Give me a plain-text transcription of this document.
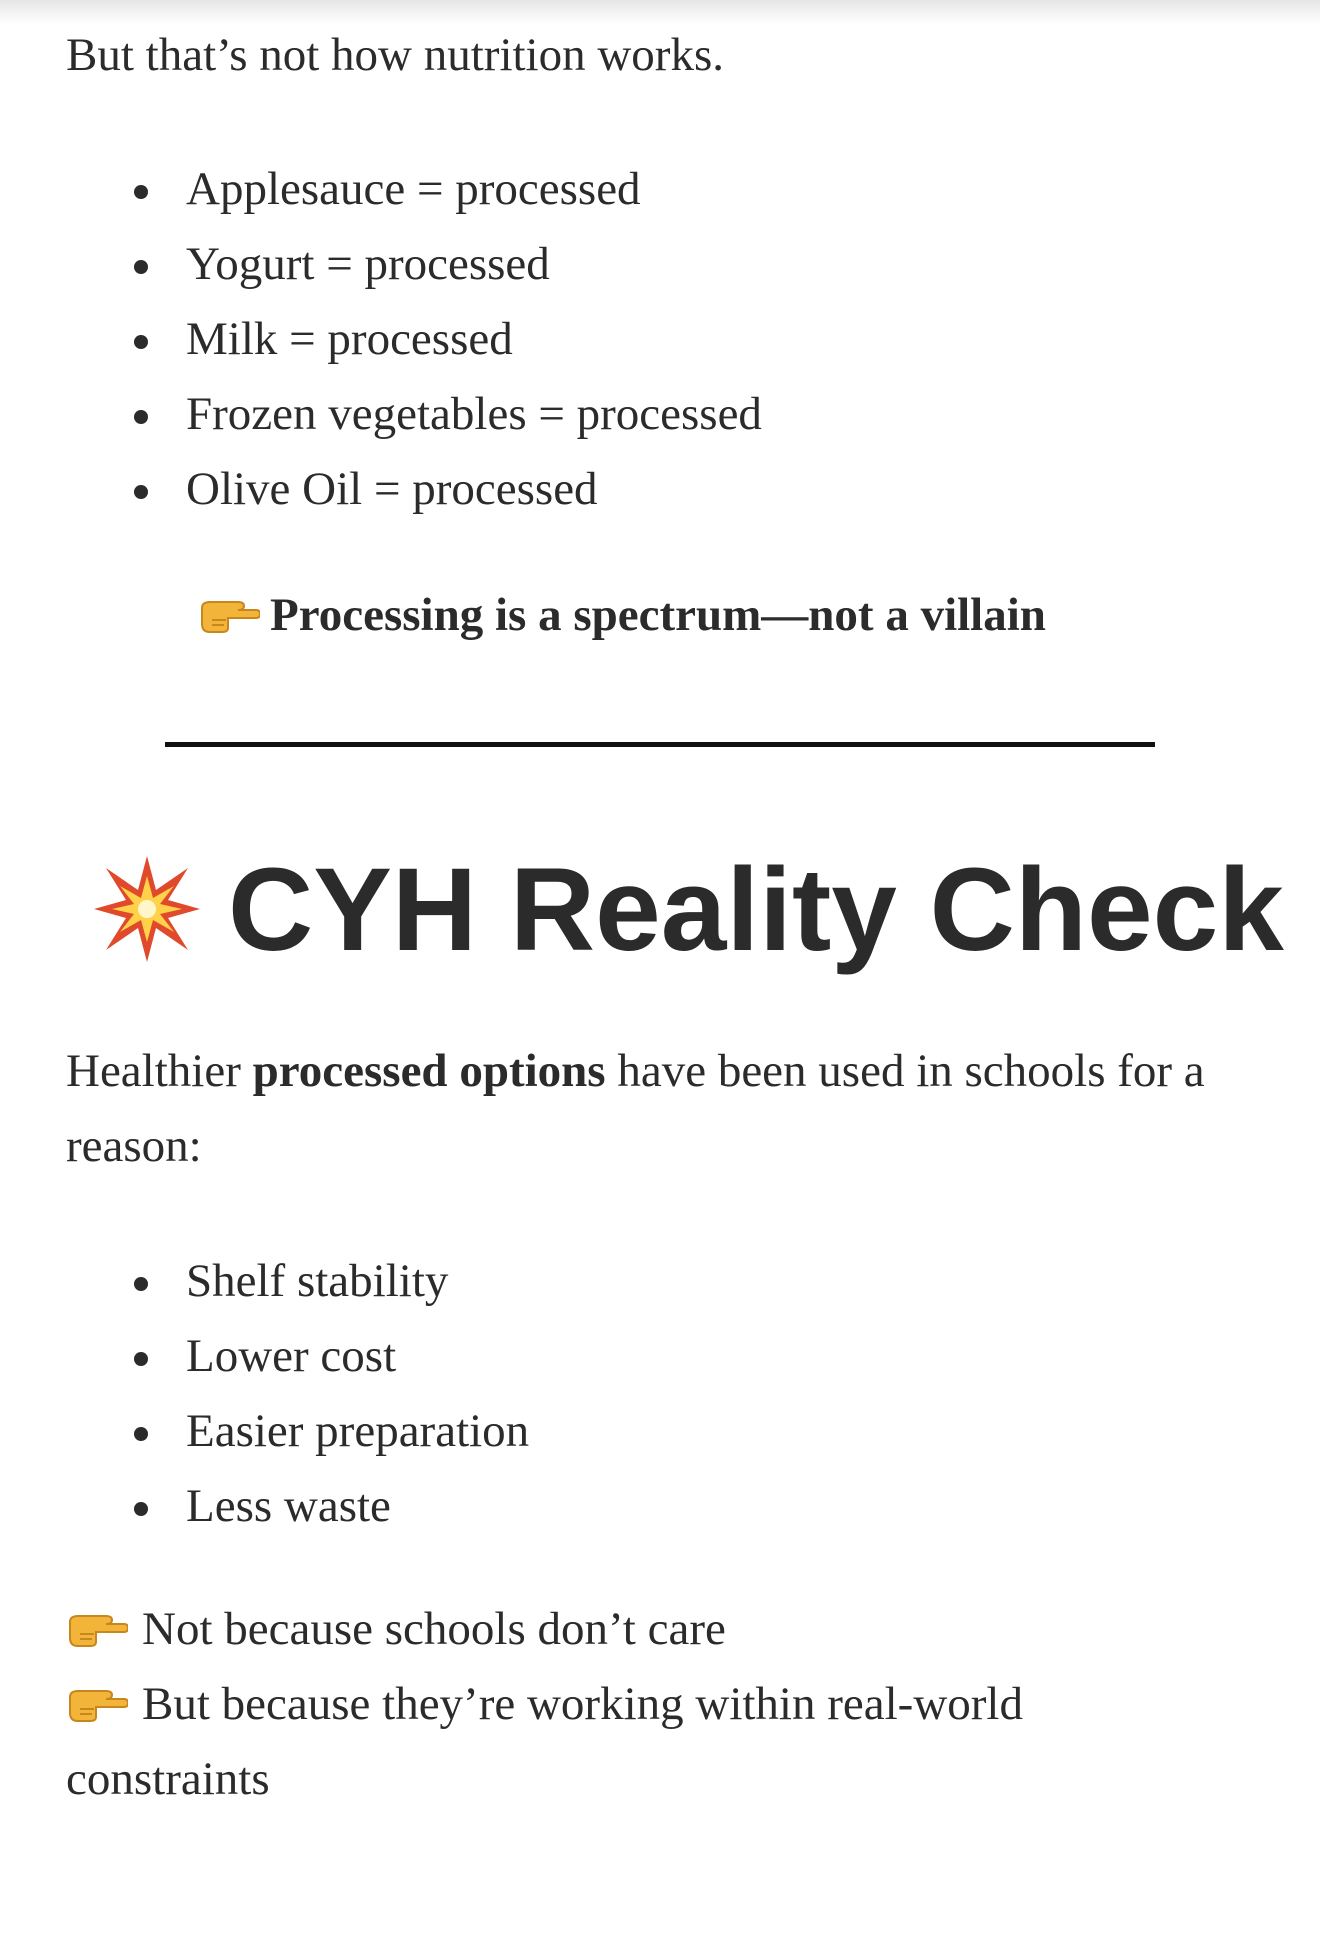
But that’s not how nutrition works.

Applesauce = processed
Yogurt = processed
Milk = processed
Frozen vegetables = processed
Olive Oil = processed
Processing is a spectrum—not a villain
CYH Reality Check

Healthier processed options have been used in schools for a reason:

Shelf stability
Lower cost
Easier preparation
Less waste
Not because schools don’t care
But because they’re working within real-world
constraints
